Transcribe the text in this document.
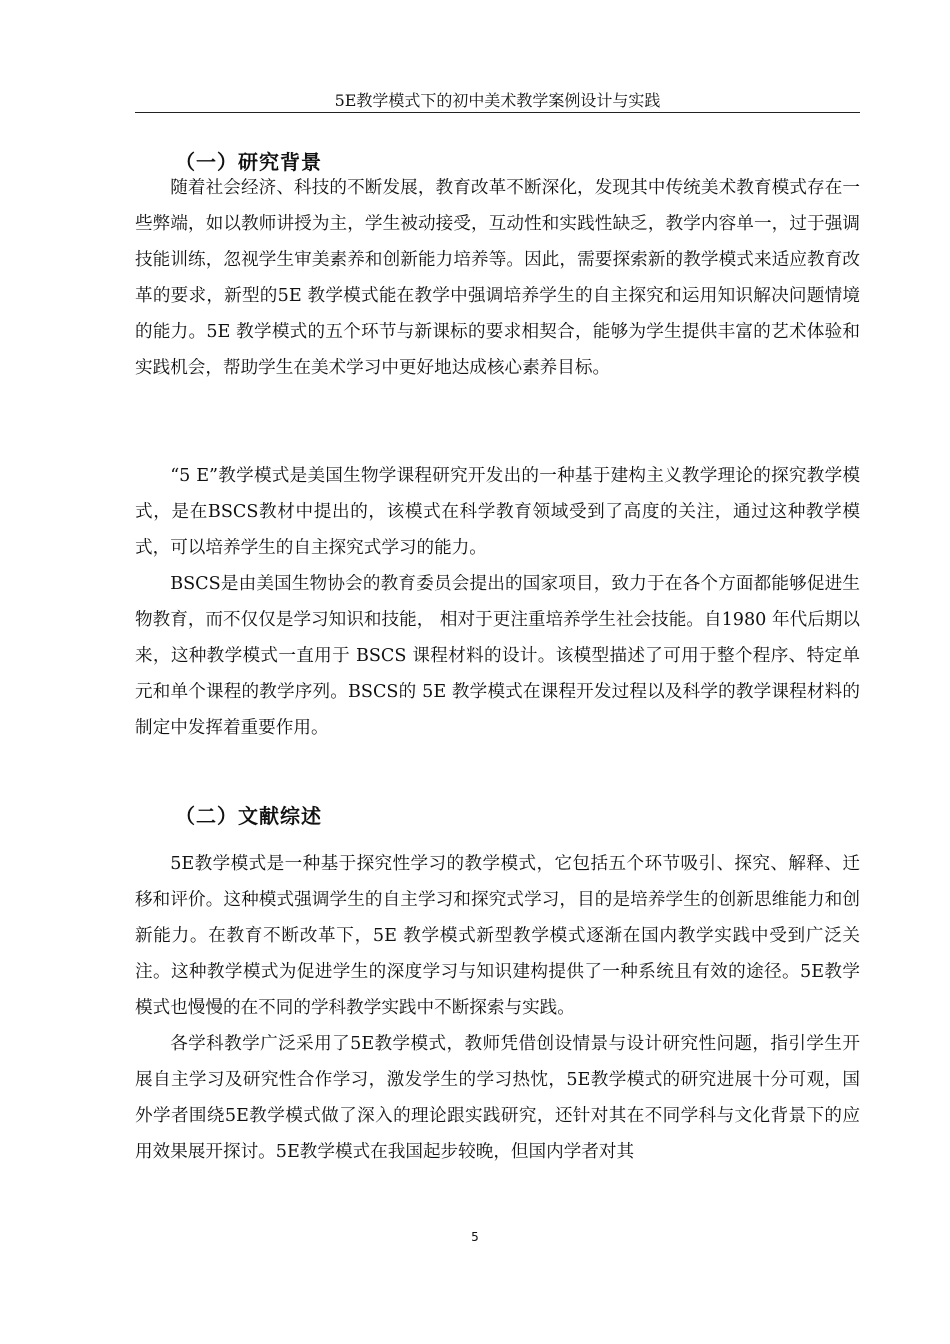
5E教学模式下的初中美术教学案例设计与实践
（一）研究背景

随着社会经济、科技的不断发展，教育改革不断深化，发现其中传统美术教育模式存在一些弊端，如以教师讲授为主，学生被动接受，互动性和实践性缺乏，教学内容单一，过于强调技能训练，忽视学生审美素养和创新能力培养等。因此，需要探索新的教学模式来适应教育改革的要求，新型的5E 教学模式能在教学中强调培养学生的自主探究和运用知识解决问题情境的能力。5E 教学模式的五个环节与新课标的要求相契合，能够为学生提供丰富的艺术体验和实践机会，帮助学生在美术学习中更好地达成核心素养目标。

“5 E”教学模式是美国生物学课程研究开发出的一种基于建构主义教学理论的探究教学模式，是在BSCS教材中提出的，该模式在科学教育领域受到了高度的关注，通过这种教学模式，可以培养学生的自主探究式学习的能力。

BSCS是由美国生物协会的教育委员会提出的国家项目，致力于在各个方面都能够促进生物教育，而不仅仅是学习知识和技能， 相对于更注重培养学生社会技能。自1980 年代后期以来，这种教学模式一直用于 BSCS 课程材料的设计。该模型描述了可用于整个程序、特定单元和单个课程的教学序列。BSCS的 5E 教学模式在课程开发过程以及科学的教学课程材料的制定中发挥着重要作用。

（二）文献综述

5E教学模式是一种基于探究性学习的教学模式，它包括五个环节吸引、探究、解释、迁移和评价。这种模式强调学生的自主学习和探究式学习，目的是培养学生的创新思维能力和创新能力。在教育不断改革下，5E 教学模式新型教学模式逐渐在国内教学实践中受到广泛关注。这种教学模式为促进学生的深度学习与知识建构提供了一种系统且有效的途径。5E教学模式也慢慢的在不同的学科教学实践中不断探索与实践。

各学科教学广泛采用了5E教学模式，教师凭借创设情景与设计研究性问题，指引学生开展自主学习及研究性合作学习，激发学生的学习热忱，5E教学模式的研究进展十分可观，国外学者围绕5E教学模式做了深入的理论跟实践研究，还针对其在不同学科与文化背景下的应用效果展开探讨。5E教学模式在我国起步较晚，但国内学者对其

5
